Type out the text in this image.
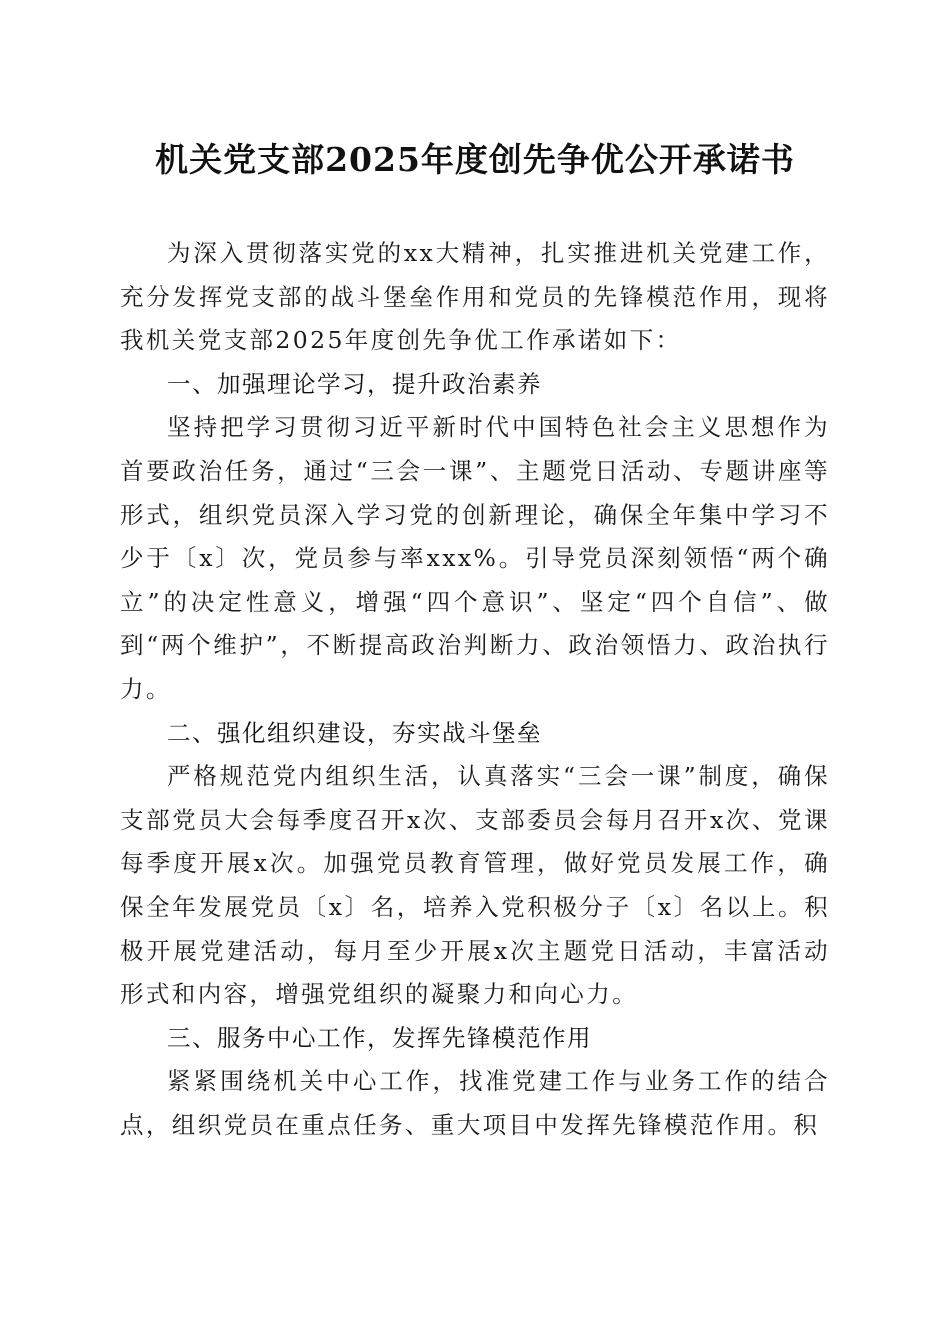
机关党支部2025年度创先争优公开承诺书

为深入贯彻落实党的xx大精神，扎实推进机关党建工作，充分发挥党支部的战斗堡垒作用和党员的先锋模范作用，现将我机关党支部2025年度创先争优工作承诺如下：

一、加强理论学习，提升政治素养

坚持把学习贯彻习近平新时代中国特色社会主义思想作为首要政治任务，通过“三会一课”、主题党日活动、专题讲座等形式，组织党员深入学习党的创新理论，确保全年集中学习不少于〔x〕次，党员参与率xxx%。引导党员深刻领悟“两个确立”的决定性意义，增强“四个意识”、坚定“四个自信”、做到“两个维护”，不断提高政治判断力、政治领悟力、政治执行力。

二、强化组织建设，夯实战斗堡垒

严格规范党内组织生活，认真落实“三会一课”制度，确保支部党员大会每季度召开x次、支部委员会每月召开x次、党课每季度开展x次。加强党员教育管理，做好党员发展工作，确保全年发展党员〔x〕名，培养入党积极分子〔x〕名以上。积极开展党建活动，每月至少开展x次主题党日活动，丰富活动形式和内容，增强党组织的凝聚力和向心力。

三、服务中心工作，发挥先锋模范作用

紧紧围绕机关中心工作，找准党建工作与业务工作的结合点，组织党员在重点任务、重大项目中发挥先锋模范作用。积
